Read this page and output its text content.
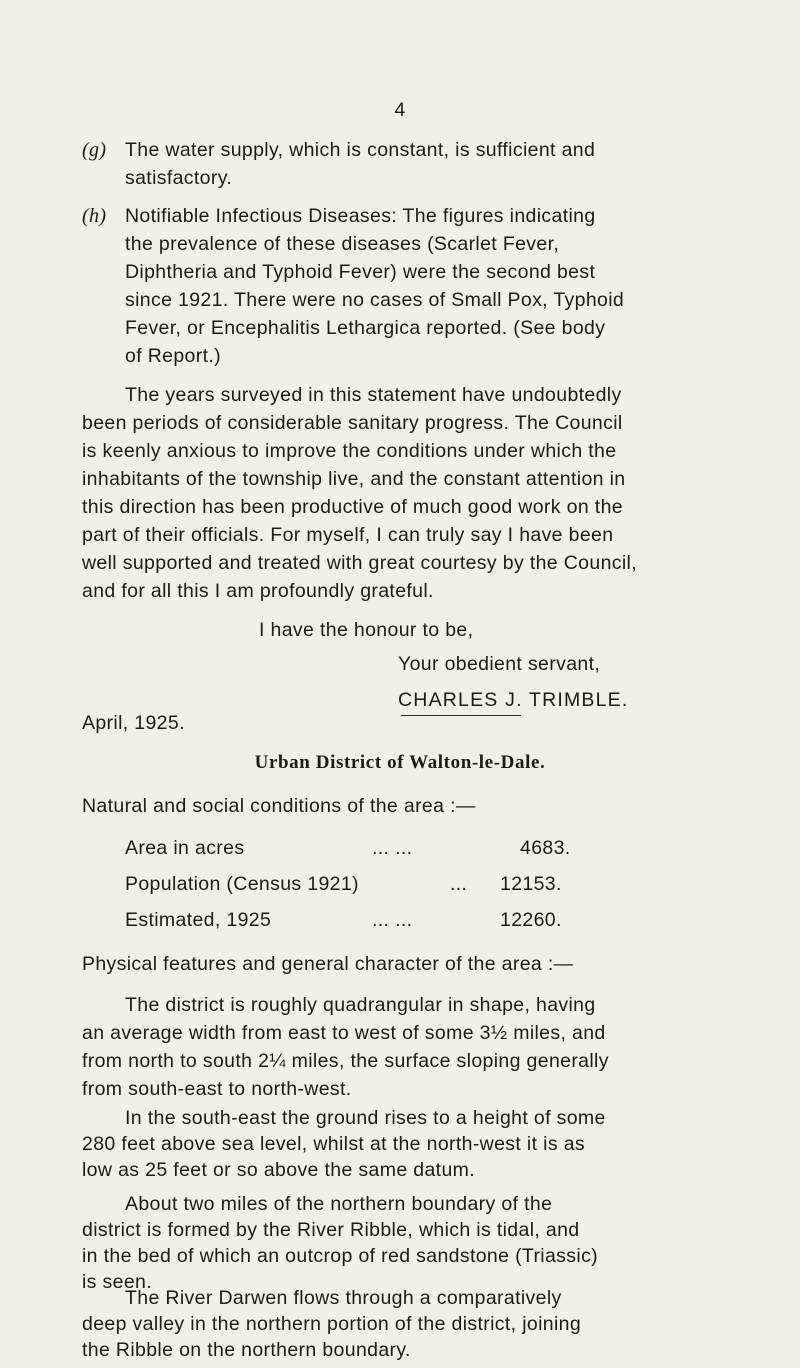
4
(g) The water supply, which is constant, is sufficient and
satisfactory.
(h) Notifiable Infectious Diseases: The figures indicating
the prevalence of these diseases (Scarlet Fever,
Diphtheria and Typhoid Fever) were the second best
since 1921. There were no cases of Small Pox, Typhoid
Fever, or Encephalitis Lethargica reported. (See body
of Report.)
The years surveyed in this statement have undoubtedly
been periods of considerable sanitary progress. The Council
is keenly anxious to improve the conditions under which the
inhabitants of the township live, and the constant attention in
this direction has been productive of much good work on the
part of their officials. For myself, I can truly say I have been
well supported and treated with great courtesy by the Council,
and for all this I am profoundly grateful.
I have the honour to be,
Your obedient servant,
CHARLES J. TRIMBLE.
April, 1925.
Urban District of Walton-le-Dale.
Natural and social conditions of the area :—
Area in acres	... ...	4683.
Population (Census 1921)	... 12153.
Estimated, 1925	... ...	12260.
Physical features and general character of the area :—
The district is roughly quadrangular in shape, having
an average width from east to west of some 3½ miles, and
from north to south 2¼ miles, the surface sloping generally
from south-east to north-west.
In the south-east the ground rises to a height of some
280 feet above sea level, whilst at the north-west it is as
low as 25 feet or so above the same datum.
About two miles of the northern boundary of the
district is formed by the River Ribble, which is tidal, and
in the bed of which an outcrop of red sandstone (Triassic)
is seen.
The River Darwen flows through a comparatively
deep valley in the northern portion of the district, joining
the Ribble on the northern boundary.
